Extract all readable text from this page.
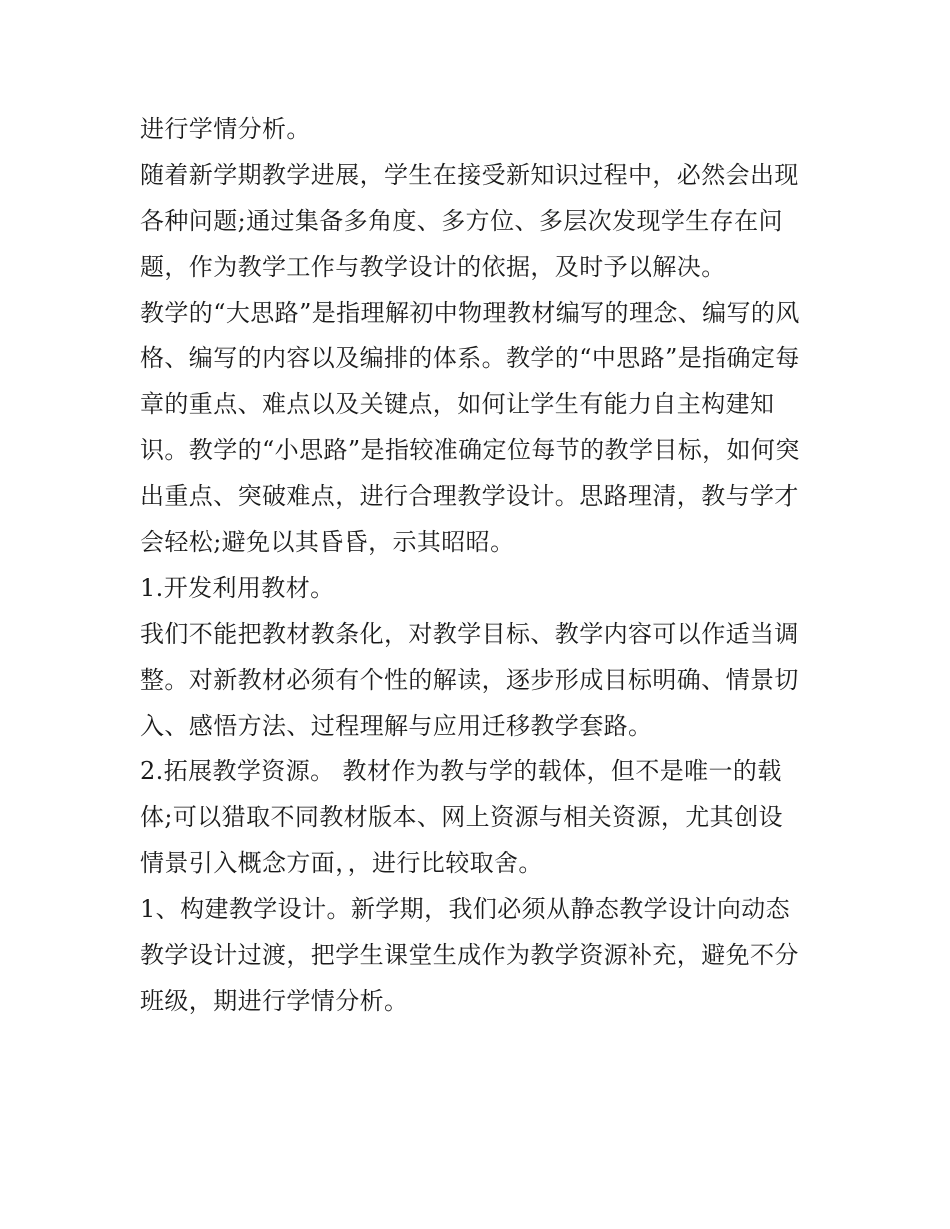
进行学情分析。
随着新学期教学进展，学生在接受新知识过程中，必然会出现
各种问题;通过集备多角度、多方位、多层次发现学生存在问
题，作为教学工作与教学设计的依据，及时予以解决。
教学的“大思路”是指理解初中物理教材编写的理念、编写的风
格、编写的内容以及编排的体系。教学的“中思路”是指确定每
章的重点、难点以及关键点，如何让学生有能力自主构建知
识。教学的“小思路”是指较准确定位每节的教学目标，如何突
出重点、突破难点，进行合理教学设计。思路理清，教与学才
会轻松;避免以其昏昏，示其昭昭。
1.开发利用教材。
我们不能把教材教条化，对教学目标、教学内容可以作适当调
整。对新教材必须有个性的解读，逐步形成目标明确、情景切
入、感悟方法、过程理解与应用迁移教学套路。
2.拓展教学资源。 教材作为教与学的载体，但不是唯一的载
体;可以猎取不同教材版本、网上资源与相关资源，尤其创设
情景引入概念方面，，进行比较取舍。
1、构建教学设计。新学期，我们必须从静态教学设计向动态
教学设计过渡，把学生课堂生成作为教学资源补充，避免不分
班级，期进行学情分析。
